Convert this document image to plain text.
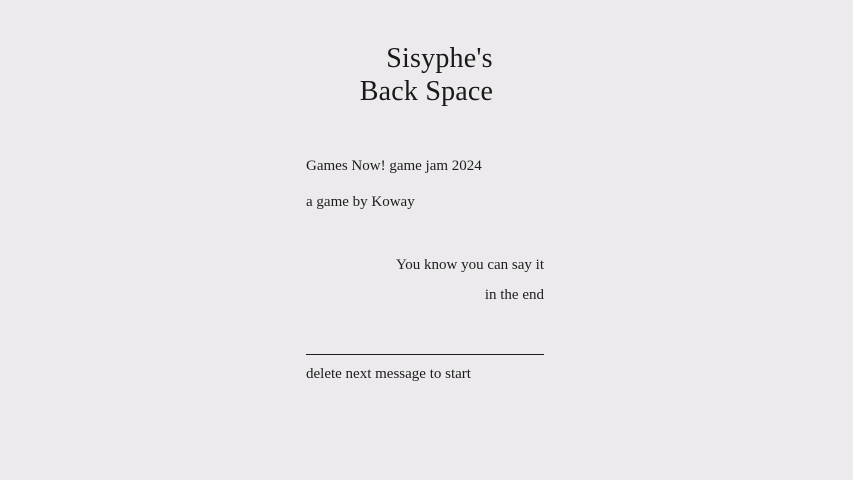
Sisyphe's
Back Space
Games Now! game jam 2024
a game by Koway
You know you can say it
in the end
delete next message to start
